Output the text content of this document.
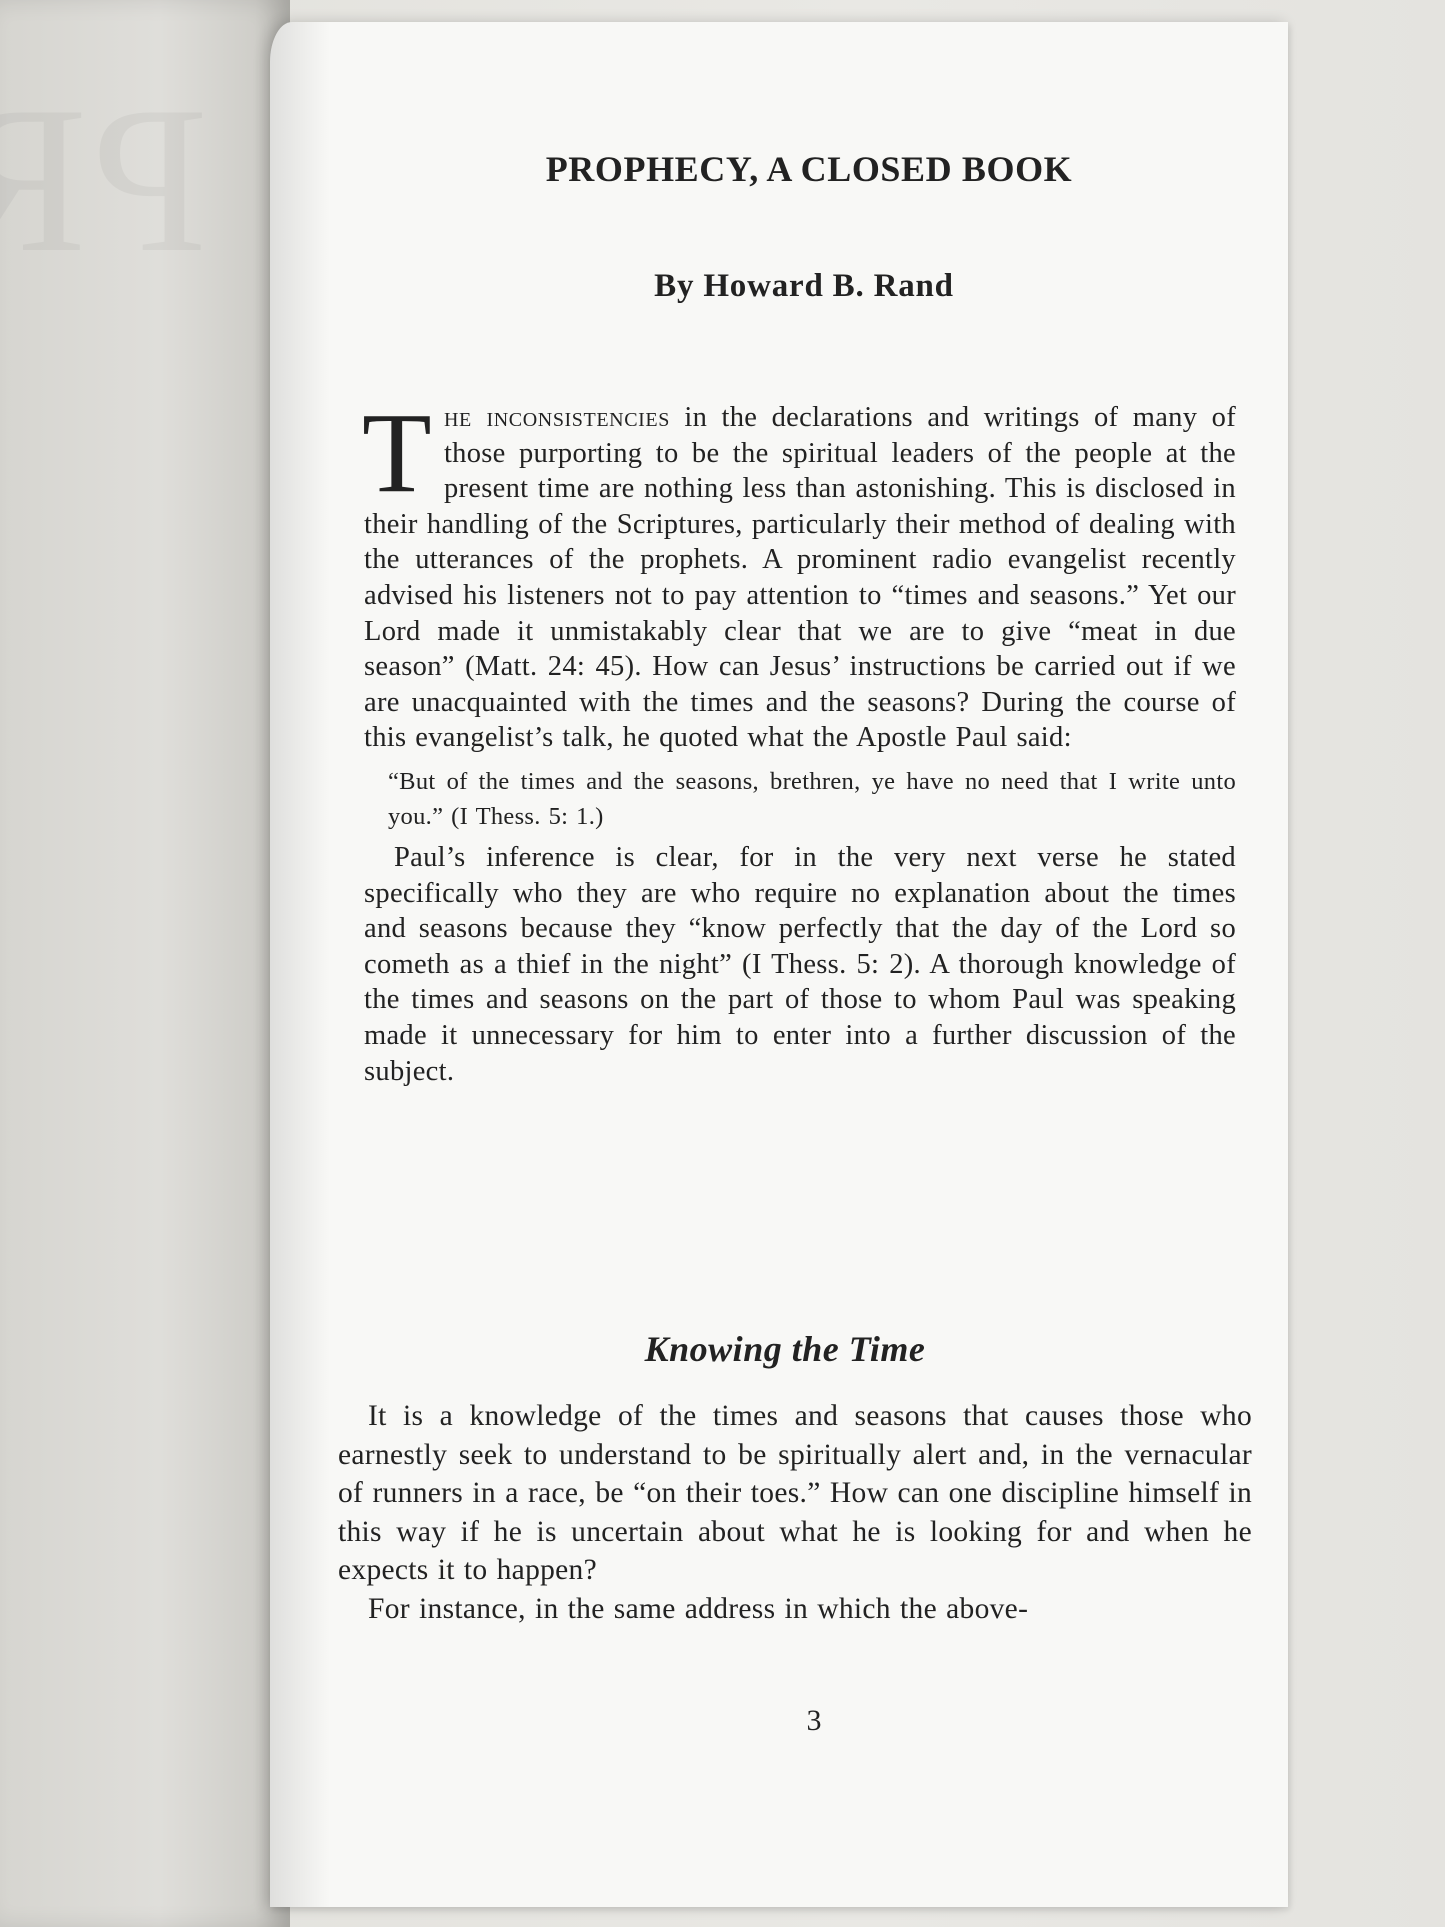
PROPHECY, A CLOSED BOOK
By Howard B. Rand

The inconsistencies in the declarations and writings of many of those purporting to be the spiritual leaders of the people at the present time are nothing less than astonishing. This is disclosed in their handling of the Scriptures, particularly their method of dealing with the utterances of the prophets. A prominent radio evangelist recently advised his listeners not to pay attention to “times and seasons.” Yet our Lord made it unmistakably clear that we are to give “meat in due season” (Matt. 24: 45). How can Jesus’ instructions be carried out if we are unacquainted with the times and the seasons? During the course of this evangelist’s talk, he quoted what the Apostle Paul said:

“But of the times and the seasons, brethren, ye have no need that I write unto you.” (I Thess. 5: 1.)

Paul’s inference is clear, for in the very next verse he stated specifically who they are who require no explanation about the times and seasons because they “know perfectly that the day of the Lord so cometh as a thief in the night” (I Thess. 5: 2). A thorough knowledge of the times and seasons on the part of those to whom Paul was speaking made it unnecessary for him to enter into a further discussion of the subject.

Knowing the Time

It is a knowledge of the times and seasons that causes those who earnestly seek to understand to be spiritually alert and, in the vernacular of runners in a race, be “on their toes.” How can one discipline himself in this way if he is uncertain about what he is looking for and when he expects it to happen?

For instance, in the same address in which the above-

3
